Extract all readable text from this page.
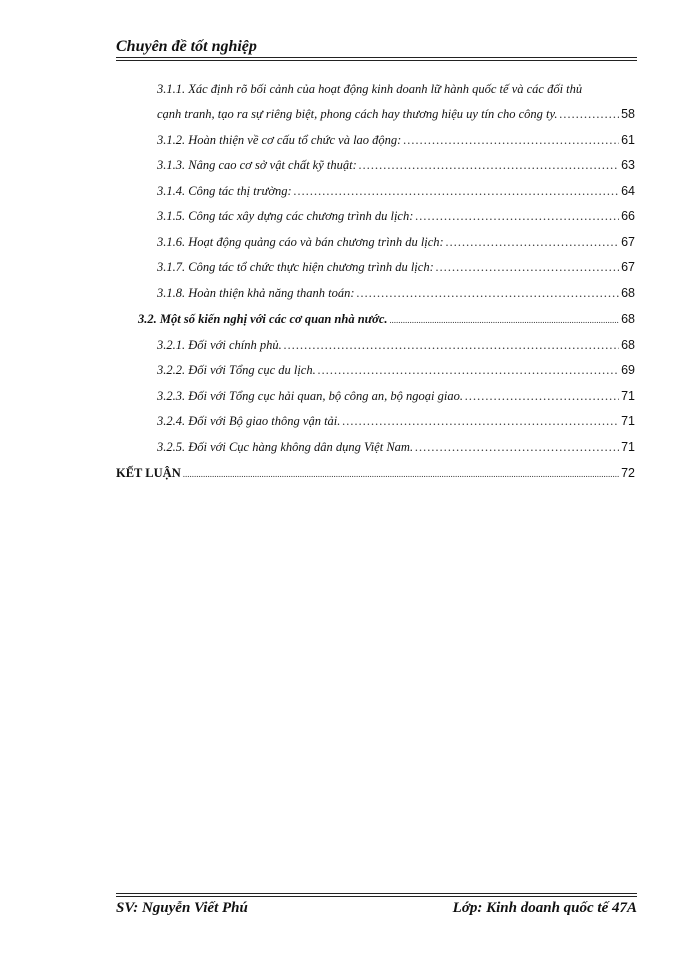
Chuyên đề tốt nghiệp
3.1.1. Xác định rõ bối cảnh của hoạt động kinh doanh lữ hành quốc tế và các đối thủ
cạnh tranh, tạo ra sự riêng biệt, phong cách hay thương hiệu uy tín cho công ty. .....	58
3.1.2. Hoàn thiện về cơ cấu tổ chức và lao động: .....	61
3.1.3. Nâng cao cơ sở vật chất kỹ thuật: .....	63
3.1.4. Công tác thị trường: .....	64
3.1.5. Công tác xây dựng các chương trình du lịch: .....	66
3.1.6. Hoạt động quảng cáo và bán chương trình du lịch: .....	67
3.1.7. Công tác tổ chức thực hiện chương trình du lịch: .....	67
3.1.8. Hoàn thiện khả năng thanh toán: .....	68
3.2. Một số kiến nghị với các cơ quan nhà nước. .....	68
3.2.1. Đối với chính phủ. .....	68
3.2.2. Đối với Tổng cục du lịch. .....	69
3.2.3. Đối với Tổng cục hải quan, bộ công an, bộ ngoại giao. .....	71
3.2.4. Đối với Bộ giao thông vận tải. .....	71
3.2.5. Đối với Cục hàng không dân dụng Việt Nam. .....	71
KẾT LUẬN .....	72
SV: Nguyễn Viết Phú	Lớp: Kinh doanh quốc tế 47A
